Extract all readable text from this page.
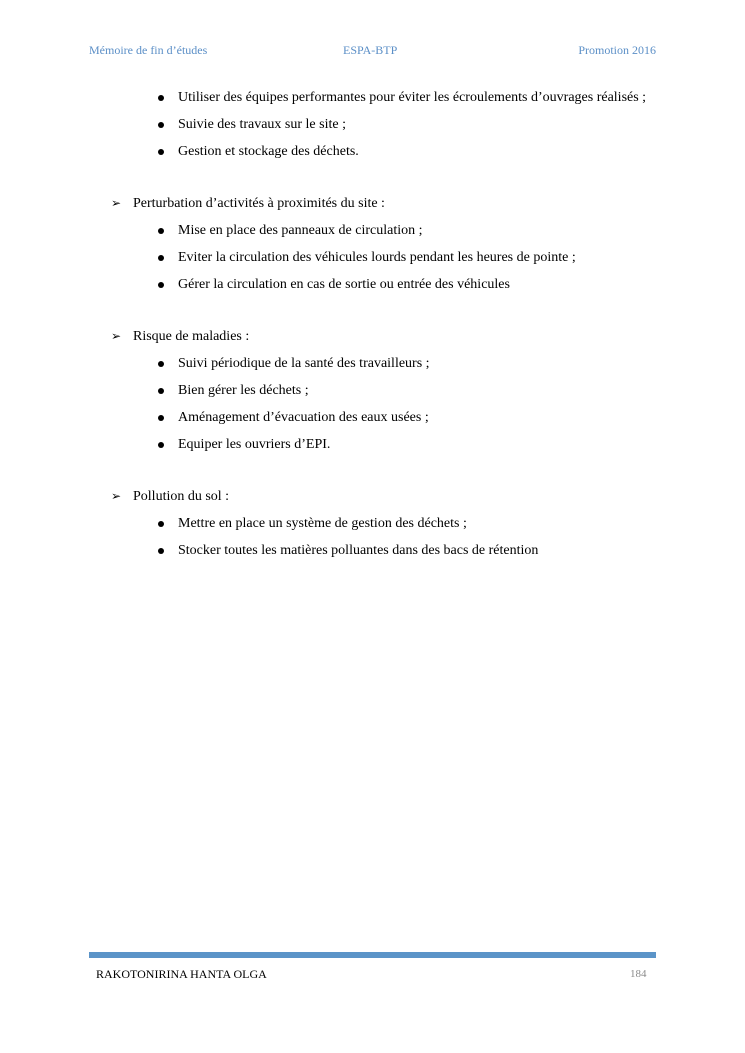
Mémoire de fin d’études	ESPA-BTP	Promotion 2016
Utiliser des équipes performantes pour éviter les écroulements d’ouvrages réalisés ;
Suivie des travaux sur le site ;
Gestion et stockage des déchets.
➢ Perturbation d’activités à proximités du site :
Mise en place des panneaux de circulation ;
Eviter la circulation des véhicules lourds pendant les heures de pointe ;
Gérer la circulation en cas de sortie ou entrée des véhicules
➢ Risque de maladies :
Suivi périodique de la santé des travailleurs ;
Bien gérer les déchets ;
Aménagement d’évacuation des eaux usées ;
Equiper les ouvriers d’EPI.
➢ Pollution du sol :
Mettre en place un système de gestion des déchets ;
Stocker toutes les matières polluantes dans des bacs de rétention
RAKOTONIRINA HANTA OLGA	184
